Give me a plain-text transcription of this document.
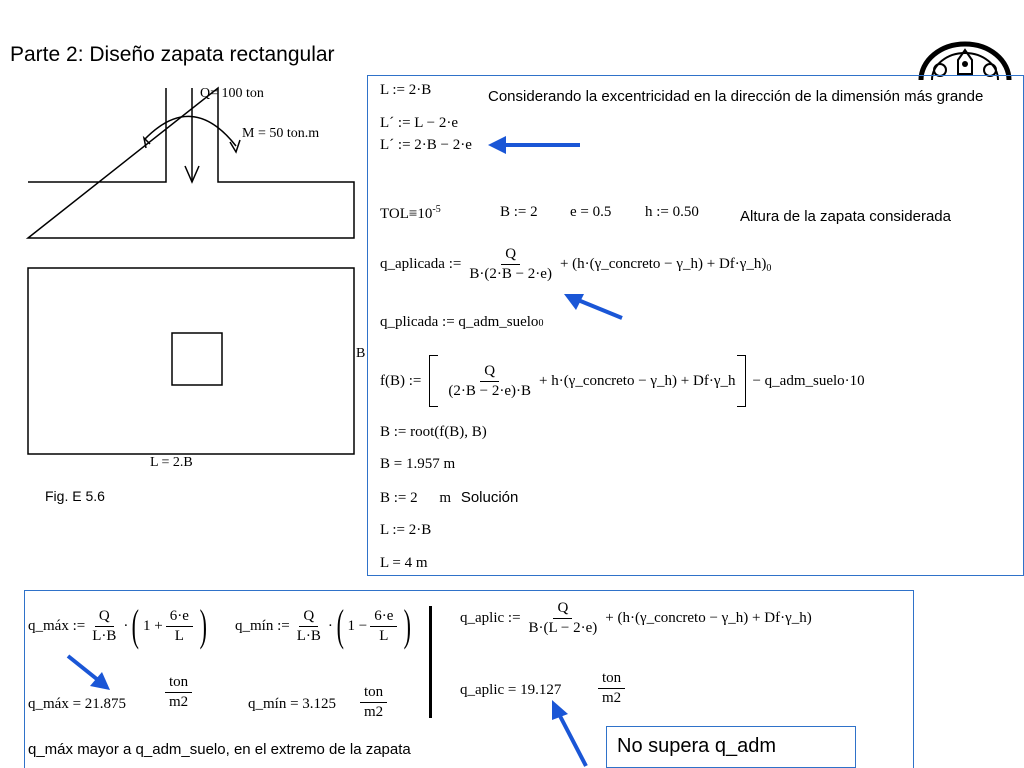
Parte 2: Diseño zapata rectangular
Q= 100 ton
M = 50 ton.m
B
L = 2.B
Fig. E 5.6
L := 2·B	Considerando la excentricidad en la dirección de la dimensión más grande
L´ := L − 2·e
L´ := 2·B − 2·e
$TOL\equiv 10^{-5}$	B := 2 e = 0.5 h := 0.50	Altura de la zapata considerada
q_aplicada := $\frac{Q}{B\cdot(2\cdot B - 2\cdot e)}$ + (h·(γ_concreto − γ_h) + Df·γ_h) 0
q_plicada := q_adm_suelo0
f(B) := $\frac{Q}{(2\cdot B - 2\cdot e)\cdot B}$ + h·(γ_concreto − γ_h) + Df·γ_h − q_adm_suelo·10
B := root(f(B), B)
B = 1.957 m
B := 2 m Solución
L := 2·B
L = 4 m
q_máx := $\frac{Q}{L\cdot B}$ · ( $1 + \frac{6\cdot e}{L}$ ) q_mín := $\frac{Q}{L\cdot B}$ · ( $1 - \frac{6\cdot e}{L}$ )	q_aplic := $\frac{Q}{B\cdot(L - 2\cdot e)}$ + (h·(γ_concreto − γ_h) + Df·γ_h)
q_máx = 21.875	$\frac{\text{ton}}{m2}$	q_mín = $3.125 \frac{\text{ton}}{m2}$	q_aplic = $19.127 \frac{\text{ton}}{m2}$
q_máx mayor a q_adm_suelo, en el extremo de la zapata	No supera q_adm
